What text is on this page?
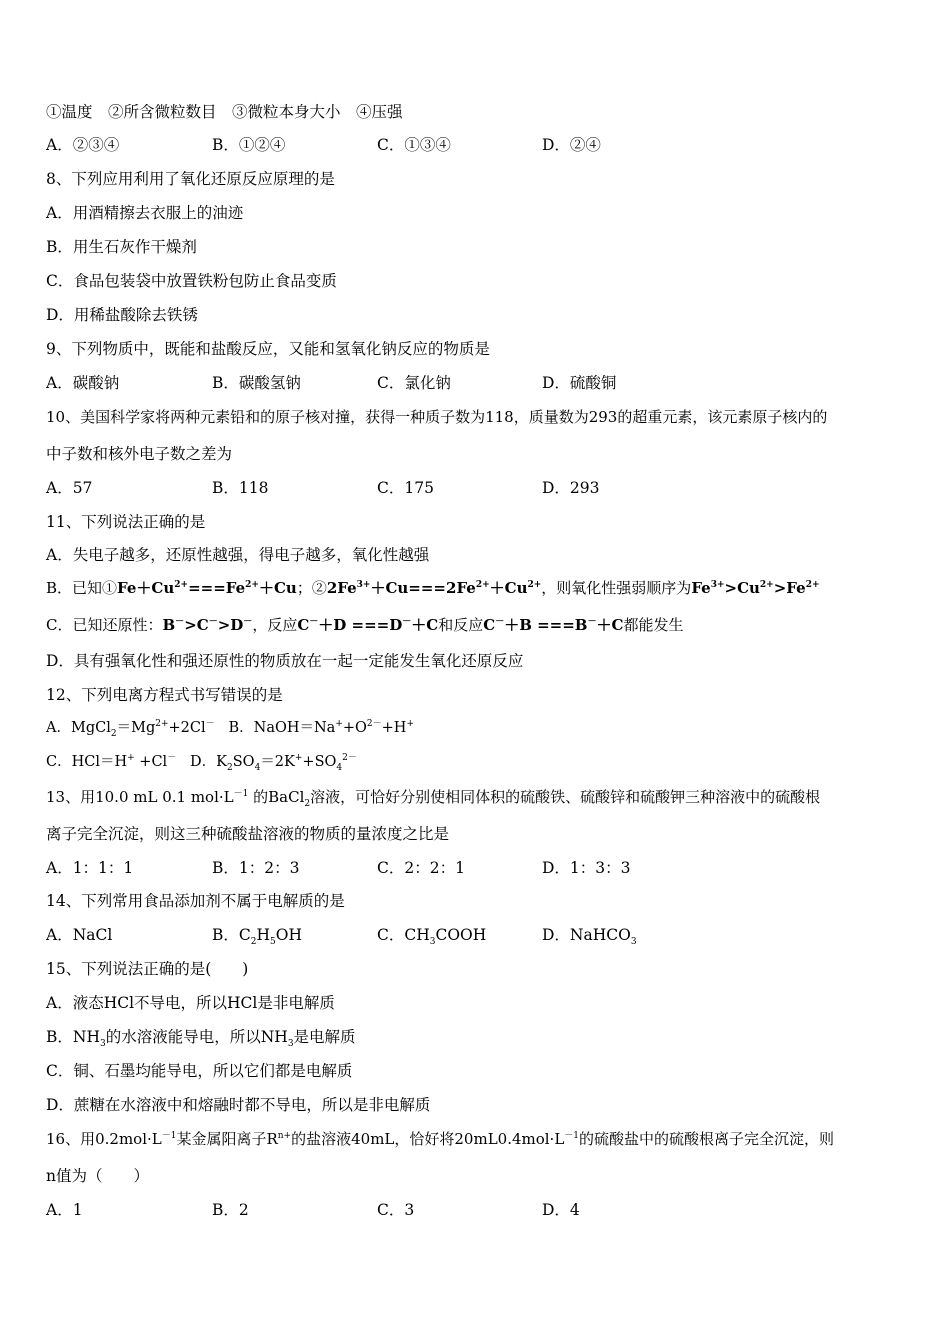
①温度　②所含微粒数目　③微粒本身大小　④压强
A．②③④	B．①②④	C．①③④	D．②④
8、下列应用利用了氧化还原反应原理的是
A．用酒精擦去衣服上的油迹
B．用生石灰作干燥剂
C．食品包装袋中放置铁粉包防止食品变质
D．用稀盐酸除去铁锈
9、下列物质中，既能和盐酸反应，又能和氢氧化钠反应的物质是
A．碳酸钠	B．碳酸氢钠	C．氯化钠	D．硫酸铜
10、美国科学家将两种元素铅和的原子核对撞，获得一种质子数为118，质量数为293的超重元素，该元素原子核内的
中子数和核外电子数之差为
A．57	B．118	C．175	D．293
11、下列说法正确的是
A．失电子越多，还原性越强，得电子越多，氧化性越强
B．已知$①Fe+Cu^{2+}===Fe^{2+}+Cu$；$②2Fe^{3+}+Cu===2Fe^{2+}+Cu^{2+}$，则氧化性强弱顺序为$Fe^{3+}>Cu^{2+}>Fe^{2+}$
C．已知还原性：B－>C－>D－，反应C－＋D ===D－＋C和反应C－＋B ===B－＋C都能发生
D．具有强氧化性和强还原性的物质放在一起一定能发生氧化还原反应
12、下列电离方程式书写错误的是
A．$MgCl_2=Mg^{2+}+2Cl^-$ B．$NaOH=Na^++O^{2-}+H^+$
C．HCl＝H+ +Cl－ D．$K_2SO_4=2K^++SO_4^{2-}$
13、用10.0 mL 0.1 $mol\cdot L^{-1}$ 的BaCl$_2$溶液，可恰好分别使相同体积的硫酸铁、硫酸锌和硫酸钾三种溶液中的硫酸根
离子完全沉淀，则这三种硫酸盐溶液的物质的量浓度之比是
A．1：1：1	B．1：2：3	C．2：2：1	D．1：3：3
14、下列常用食品添加剂不属于电解质的是
A．NaCl	B．$C_2H_5OH$	C．$CH_3COOH$	D．NaHCO$_3$
15、下列说法正确的是(　　)
A．液态HCl不导电，所以HCl是非电解质
B．$NH_3$的水溶液能导电，所以$NH_3$是电解质
C．铜、石墨均能导电，所以它们都是电解质
D．蔗糖在水溶液中和熔融时都不导电，所以是非电解质
16、用$0.2mol\cdot L^{-1}$某金属阳离子$R^{n+}$的盐溶液40mL，恰好将$20mL0.4mol\cdot L^{-1}$的硫酸盐中的硫酸根离子完全沉淀，则
n值为（　　）
A．1	B．2	C．3	D．4
